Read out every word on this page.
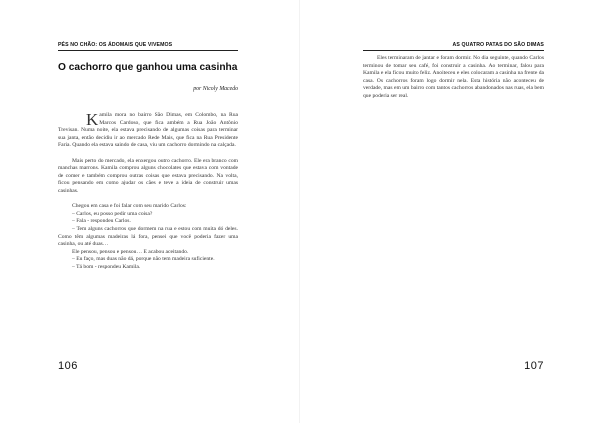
PÉS NO CHÃO: OS ÁDOMAIS QUE VIVEMOS
O cachorro que ganhou uma casinha
por Nicoly Macedo

Kamila mora no bairro São Dimas, em Colombo, na Rua Marcos Cardoso, que fica ambém a Rua João Antônio Trevisan. Numa noite, ela estava precisando de algumas coisas para terminar sua janta, então decidiu ir ao mercado Rede Mais, que fica na Rua Presidente Faria. Quando ela estava saindo de casa, viu um cachorro dormindo na calçada.

Mais perto do mercado, ela enxergou outro cachorro. Ele era branco com manchas marrons. Kamila comprou alguns chocolates que estava com vontade de comer e também comprou outras coisas que estava precisando. Na volta, ficou pensando em como ajudar os cães e teve a ideia de construir umas casinhas.

Chegou em casa e foi falar com seu marido Carlos:

– Carlos, eu posso pedir uma coisa?

– Fala - respondeu Carlos.

– Tem alguns cachorros que dormem na rua e estou com muita dó deles. Como têm algumas madeiras lá fora, pensei que você poderia fazer uma casinha, ou até duas…

Ele pensou, pensou e pensou… E acabou aceitando.

– Eu faço, mas duas não dá, porque não tem madeira suficiente.

– Tá bom - respondeu Kamila.

106
AS QUATRO PATAS DO SÃO DIMAS

Eles terminaram de jantar e foram dormir. No dia seguinte, quando Carlos terminou de tomar seu café, foi construir a casinha. Ao terminar, falou para Kamila e ela ficou muito feliz. Anoiteceu e eles colocaram a casinha na frente da casa. Os cachorros foram logo dormir nela. Esta história não aconteceu de verdade, mas em um bairro com tantos cachorros abandonados nas ruas, ela bem que poderia ser real.

107
